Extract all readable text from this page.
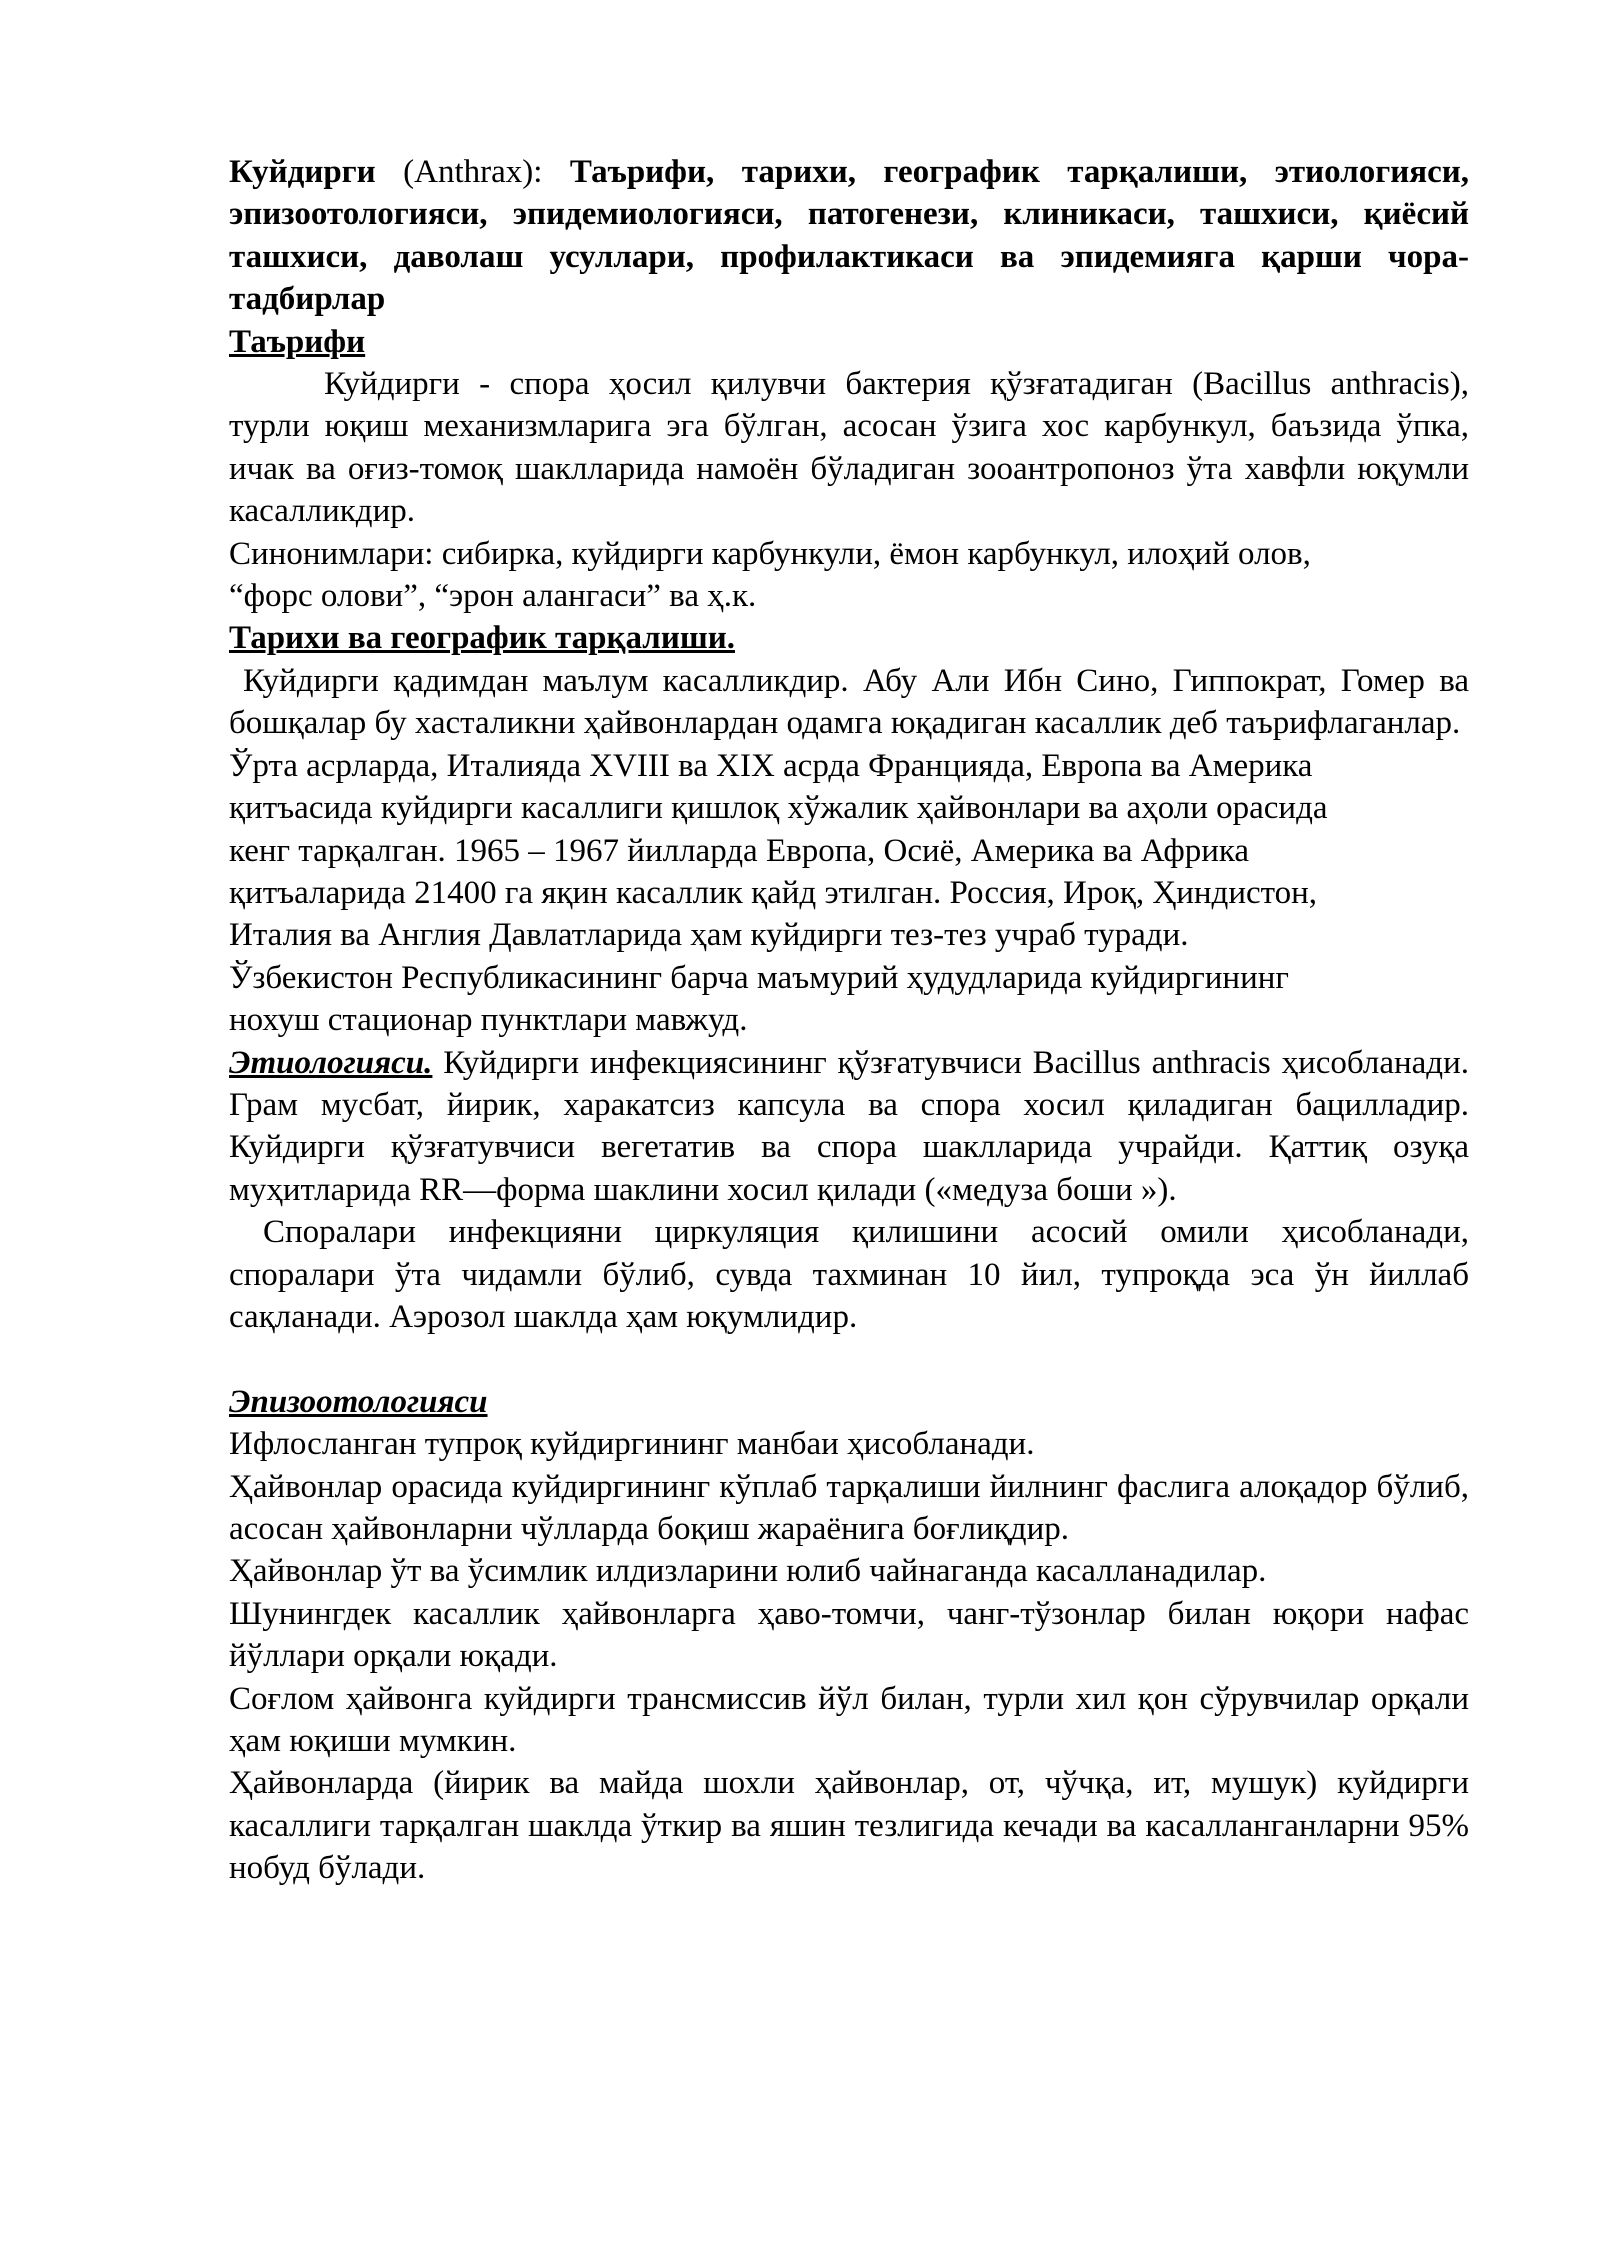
Куйдирги (Anthrax): Таърифи, тарихи, географик тарқалиши, этиологияси, эпизоотологияси, эпидемиологияси, патогенези, клиникаси, ташхиси, қиёсий ташхиси, даволаш усуллари, профилактикаси ва эпидемияга қарши чора-тадбирлар

Таърифи

Куйдирги - спора ҳосил қилувчи бактерия қўзғатадиган (Bacillus anthracis), турли юқиш механизмларига эга бўлган, асосан ўзига хос карбункул, баъзида ўпка, ичак ва оғиз-томоқ шаклларида намоён бўладиган зооантропоноз ўта хавфли юқумли касалликдир.

Синонимлари: сибирка, куйдирги карбункули, ёмон карбункул, илоҳий олов,

“форс олови”, “эрон алангаси” ва ҳ.к.

Тарихи ва географик тарқалиши.

Куйдирги қадимдан маълум касалликдир. Абу Али Ибн Сино, Гиппократ, Гомер ва бошқалар бу хасталикни ҳайвонлардан одамга юқадиган касаллик деб таърифлаганлар.

Ўрта асрларда, Италияда XVIII ва XIX асрда Францияда, Европа ва Америка

қитъасида куйдирги касаллиги қишлоқ хўжалик ҳайвонлари ва аҳоли орасида

кенг тарқалган. 1965 – 1967 йилларда Европа, Осиё, Америка ва Африка

қитъаларида 21400 га яқин касаллик қайд этилган. Россия, Ироқ, Ҳиндистон,

Италия ва Англия Давлатларида ҳам куйдирги тез-тез учраб туради.

Ўзбекистон Республикасининг барча маъмурий ҳудудларида куйдиргининг

нохуш стационар пунктлари мавжуд.

Этиологияси. Куйдирги инфекциясининг қўзғатувчиси Bacillus anthracis ҳисобланади. Грам мусбат, йирик, харакатсиз капсула ва спора хосил қиладиган бацилладир. Куйдирги қўзғатувчиси вегетатив ва спора шаклларида учрайди. Қаттиқ озуқа муҳитларида RR—форма шаклини хосил қилади («медуза боши »).

Споралари инфекцияни циркуляция қилишини асосий омили ҳисобланади, споралари ўта чидамли бўлиб, сувда тахминан 10 йил, тупроқда эса ўн йиллаб сақланади. Аэрозол шаклда ҳам юқумлидир.

Эпизоотологияси

Ифлосланган тупроқ куйдиргининг манбаи ҳисобланади.

Ҳайвонлар орасида куйдиргининг кўплаб тарқалиши йилнинг фаслига алоқадор бўлиб, асосан ҳайвонларни чўлларда боқиш жараёнига боғлиқдир.

Ҳайвонлар ўт ва ўсимлик илдизларини юлиб чайнаганда касалланадилар.

Шунингдек касаллик ҳайвонларга ҳаво-томчи, чанг-тўзонлар билан юқори нафас йўллари орқали юқади.

Соғлом ҳайвонга куйдирги трансмиссив йўл билан, турли хил қон сўрувчилар орқали ҳам юқиши мумкин.

Ҳайвонларда (йирик ва майда шохли ҳайвонлар, от, чўчқа, ит, мушук) куйдирги касаллиги тарқалган шаклда ўткир ва яшин тезлигида кечади ва касалланганларни 95% нобуд бўлади.
